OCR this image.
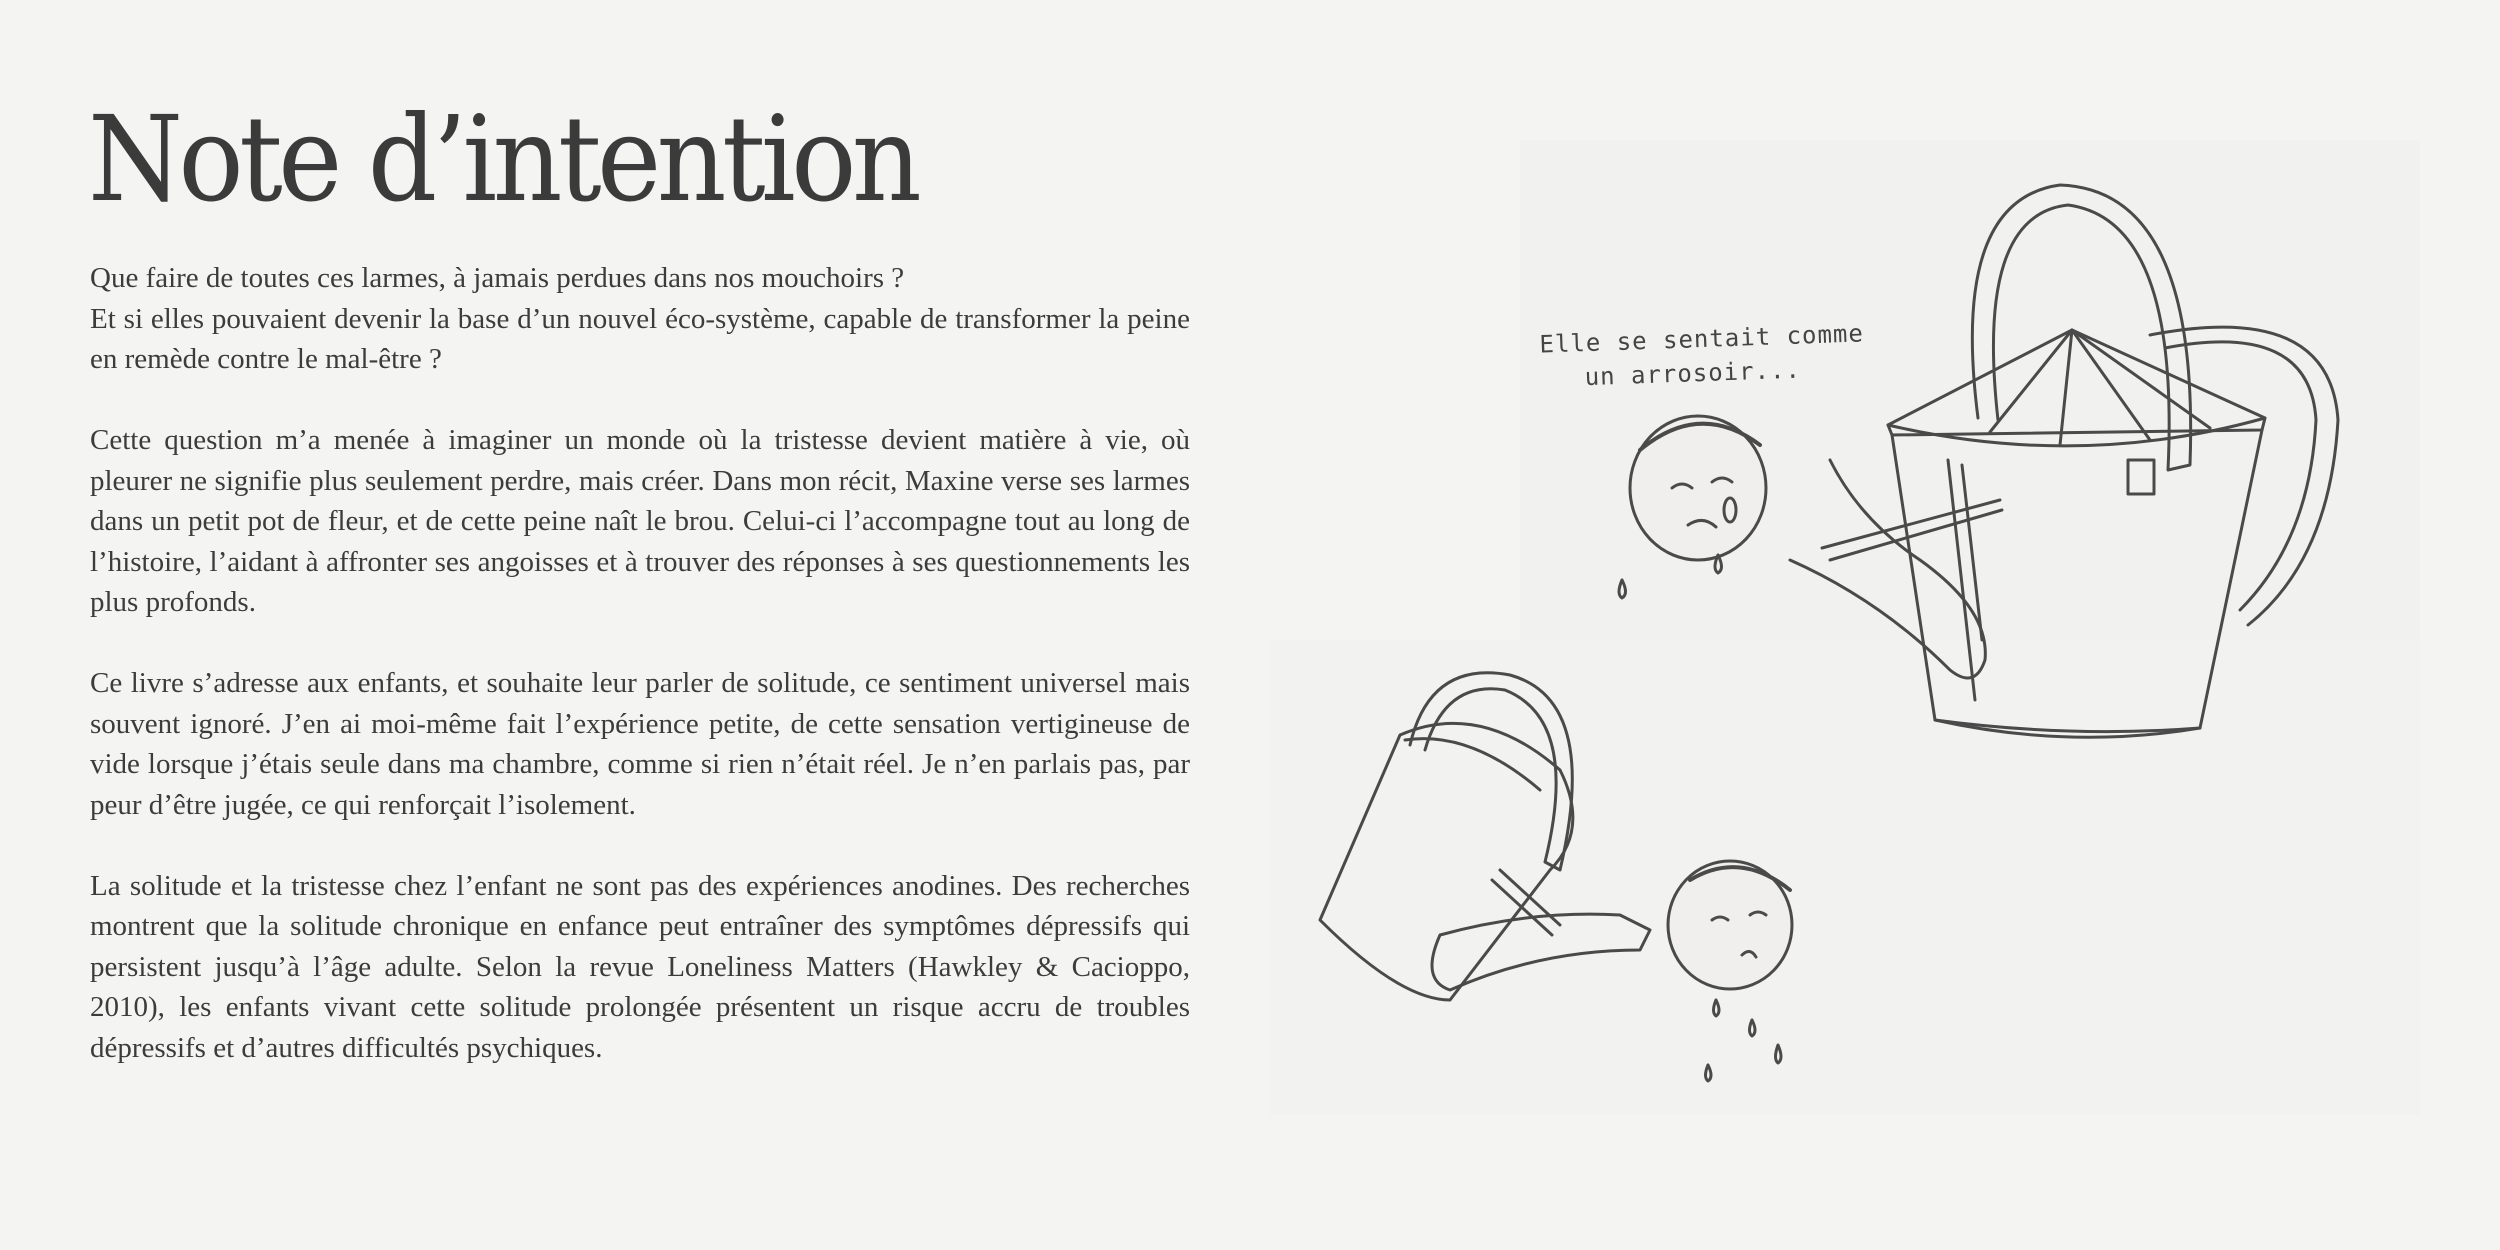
Note d’intention

Que faire de toutes ces larmes, à jamais perdues dans nos mouchoirs ?
Et si elles pouvaient devenir la base d’un nouvel éco-système, capable de transformer la peine en remède contre le mal-être ?

Cette question m’a menée à imaginer un monde où la tristesse devient matière à vie, où pleurer ne signifie plus seulement perdre, mais créer. Dans mon récit, Maxine verse ses larmes dans un petit pot de fleur, et de cette peine naît le brou. Celui-ci l’accompagne tout au long de l’histoire, l’aidant à affronter ses angoisses et à trouver des réponses à ses questionnements les plus profonds.

Ce livre s’adresse aux enfants, et souhaite leur parler de solitude, ce sentiment universel mais souvent ignoré. J’en ai moi-même fait l’expérience petite, de cette sensation vertigineuse de vide lorsque j’étais seule dans ma chambre, comme si rien n’était réel. Je n’en parlais pas, par peur d’être jugée, ce qui renforçait l’isolement.

La solitude et la tristesse chez l’enfant ne sont pas des expériences anodines. Des recherches montrent que la solitude chronique en enfance peut entraîner des symptômes dépressifs qui persistent jusqu’à l’âge adulte. Selon la revue Loneliness Matters (Hawkley & Cacioppo, 2010), les enfants vivant cette solitude prolongée présentent un risque accru de troubles dépressifs et d’autres difficultés psychiques.

Elle se sentait comme
un arrosoir...
